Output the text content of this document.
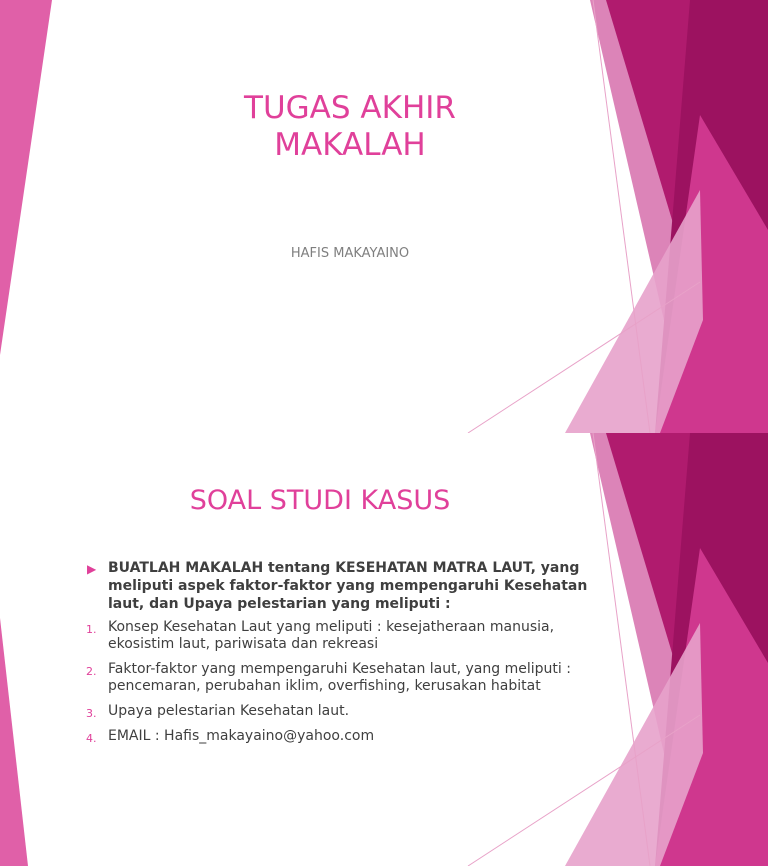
TUGAS AKHIR MAKALAH
HAFIS MAKAYAINO
SOAL STUDI KASUS

▶ BUATLAH MAKALAH tentang KESEHATAN MATRA LAUT, yang meliputi aspek faktor-faktor yang mempengaruhi Kesehatan laut, dan Upaya pelestarian yang meliputi :

1. Konsep Kesehatan Laut yang meliputi : kesejatheraan manusia, ekosistim laut, pariwisata dan rekreasi
2. Faktor-faktor yang mempengaruhi Kesehatan laut, yang meliputi : pencemaran, perubahan iklim, overfishing, kerusakan habitat
3. Upaya pelestarian Kesehatan laut.
4. EMAIL : Hafis_makayaino@yahoo.com
